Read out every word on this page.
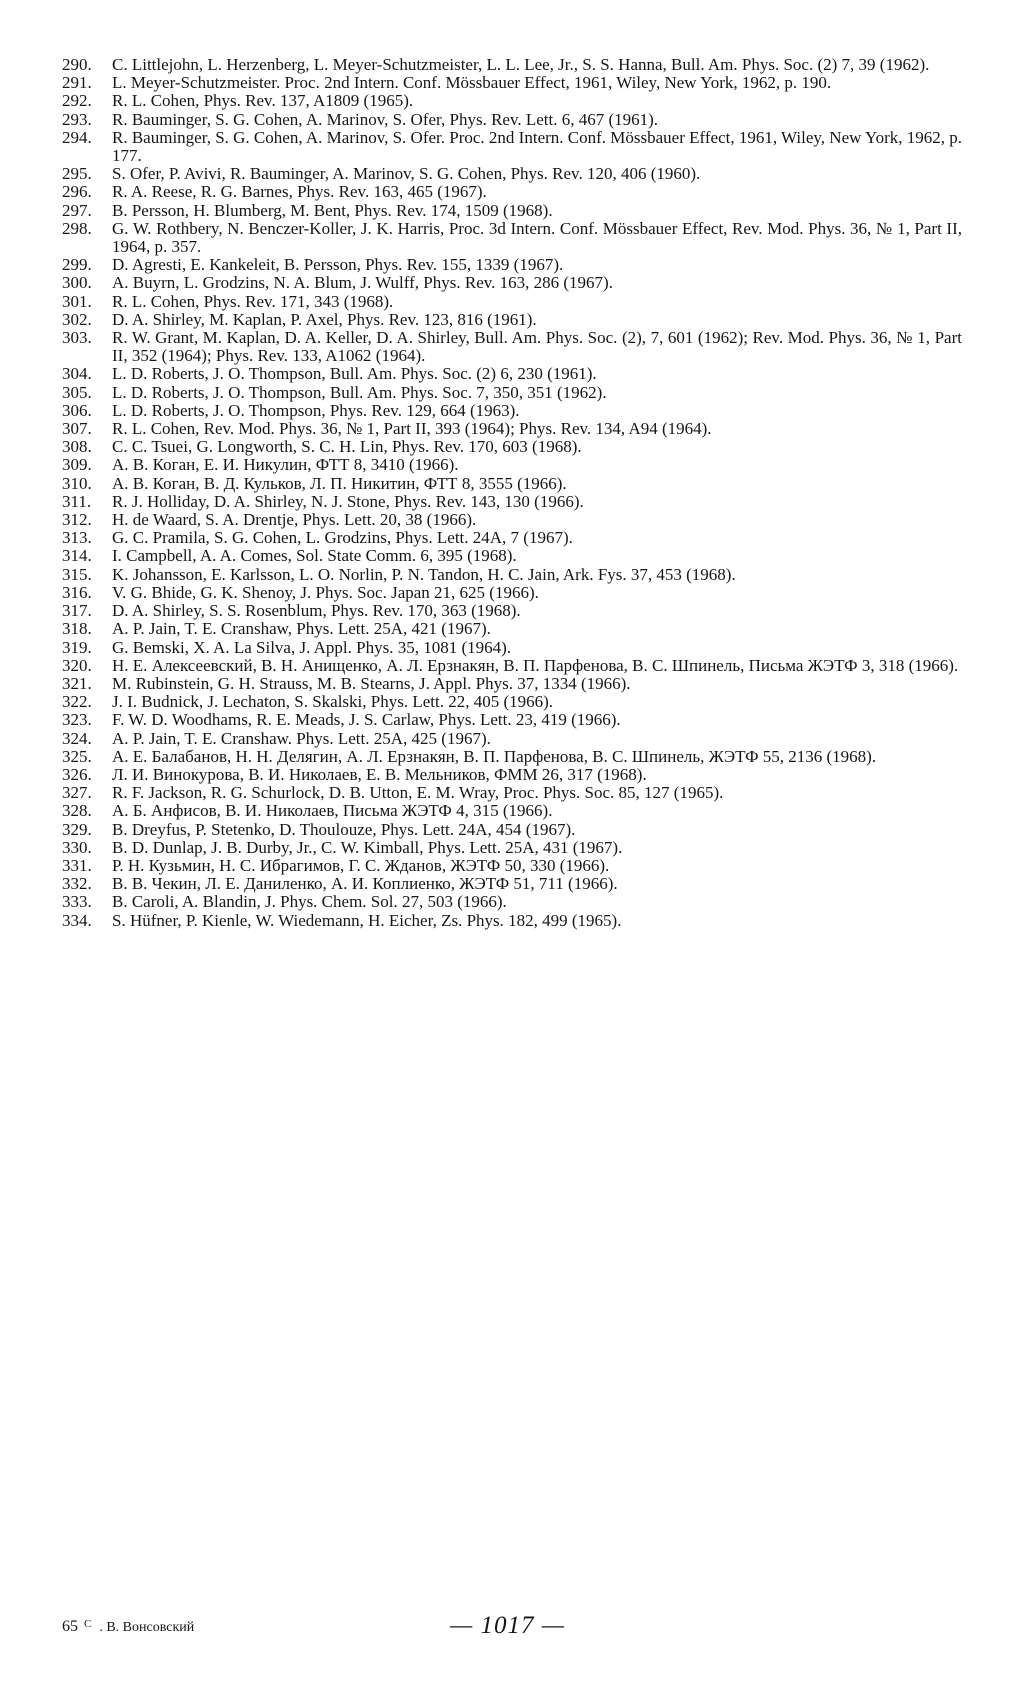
290.	C. Littlejohn, L. Herzenberg, L. Meyer-Schutzmeister, L. L. Lee, Jr., S. S. Hanna, Bull. Am. Phys. Soc. (2) 7, 39 (1962).
291.	L. Meyer-Schutzmeister. Proc. 2nd Intern. Conf. Mössbauer Effect, 1961, Wiley, New York, 1962, p. 190.
292.	R. L. Cohen, Phys. Rev. 137, A1809 (1965).
293.	R. Bauminger, S. G. Cohen, A. Marinov, S. Ofer, Phys. Rev. Lett. 6, 467 (1961).
294.	R. Bauminger, S. G. Cohen, A. Marinov, S. Ofer. Proc. 2nd Intern. Conf. Mössbauer Effect, 1961, Wiley, New York, 1962, p. 177.
295.	S. Ofer, P. Avivi, R. Bauminger, A. Marinov, S. G. Cohen, Phys. Rev. 120, 406 (1960).
296.	R. A. Reese, R. G. Barnes, Phys. Rev. 163, 465 (1967).
297.	B. Persson, H. Blumberg, M. Bent, Phys. Rev. 174, 1509 (1968).
298.	G. W. Rothbery, N. Benczer-Koller, J. K. Harris, Proc. 3d Intern. Conf. Mössbauer Effect, Rev. Mod. Phys. 36, № 1, Part II, 1964, p. 357.
299.	D. Agresti, E. Kankeleit, B. Persson, Phys. Rev. 155, 1339 (1967).
300.	A. Buyrn, L. Grodzins, N. A. Blum, J. Wulff, Phys. Rev. 163, 286 (1967).
301.	R. L. Cohen, Phys. Rev. 171, 343 (1968).
302.	D. A. Shirley, M. Kaplan, P. Axel, Phys. Rev. 123, 816 (1961).
303.	R. W. Grant, M. Kaplan, D. A. Keller, D. A. Shirley, Bull. Am. Phys. Soc. (2), 7, 601 (1962); Rev. Mod. Phys. 36, № 1, Part II, 352 (1964); Phys. Rev. 133, A1062 (1964).
304.	L. D. Roberts, J. O. Thompson, Bull. Am. Phys. Soc. (2) 6, 230 (1961).
305.	L. D. Roberts, J. O. Thompson, Bull. Am. Phys. Soc. 7, 350, 351 (1962).
306.	L. D. Roberts, J. O. Thompson, Phys. Rev. 129, 664 (1963).
307.	R. L. Cohen, Rev. Mod. Phys. 36, № 1, Part II, 393 (1964); Phys. Rev. 134, A94 (1964).
308.	C. C. Tsuei, G. Longworth, S. C. H. Lin, Phys. Rev. 170, 603 (1968).
309.	А. В. Коган, Е. И. Никулин, ФТТ 8, 3410 (1966).
310.	А. В. Коган, В. Д. Кульков, Л. П. Никитин, ФТТ 8, 3555 (1966).
311.	R. J. Holliday, D. A. Shirley, N. J. Stone, Phys. Rev. 143, 130 (1966).
312.	H. de Waard, S. A. Drentje, Phys. Lett. 20, 38 (1966).
313.	G. C. Pramila, S. G. Cohen, L. Grodzins, Phys. Lett. 24A, 7 (1967).
314.	I. Campbell, A. A. Comes, Sol. State Comm. 6, 395 (1968).
315.	K. Johansson, E. Karlsson, L. O. Norlin, P. N. Tandon, H. C. Jain, Ark. Fys. 37, 453 (1968).
316.	V. G. Bhide, G. K. Shenoy, J. Phys. Soc. Japan 21, 625 (1966).
317.	D. A. Shirley, S. S. Rosenblum, Phys. Rev. 170, 363 (1968).
318.	A. P. Jain, T. E. Cranshaw, Phys. Lett. 25A, 421 (1967).
319.	G. Bemski, X. A. La Silva, J. Appl. Phys. 35, 1081 (1964).
320.	Н. Е. Алексеевский, В. Н. Анищенко, А. Л. Ерзнакян, В. П. Парфенова, В. С. Шпинель, Письма ЖЭТФ 3, 318 (1966).
321.	M. Rubinstein, G. H. Strauss, M. B. Stearns, J. Appl. Phys. 37, 1334 (1966).
322.	J. I. Budnick, J. Lechaton, S. Skalski, Phys. Lett. 22, 405 (1966).
323.	F. W. D. Woodhams, R. E. Meads, J. S. Carlaw, Phys. Lett. 23, 419 (1966).
324.	A. P. Jain, T. E. Cranshaw. Phys. Lett. 25A, 425 (1967).
325.	А. Е. Балабанов, Н. Н. Делягин, А. Л. Ерзнакян, В. П. Парфенова, В. С. Шпинель, ЖЭТФ 55, 2136 (1968).
326.	Л. И. Винокурова, В. И. Николаев, Е. В. Мельников, ФММ 26, 317 (1968).
327.	R. F. Jackson, R. G. Schurlock, D. B. Utton, E. M. Wray, Proc. Phys. Soc. 85, 127 (1965).
328.	А. Б. Анфисов, В. И. Николаев, Письма ЖЭТФ 4, 315 (1966).
329.	B. Dreyfus, P. Stetenko, D. Thoulouze, Phys. Lett. 24A, 454 (1967).
330.	B. D. Dunlap, J. B. Durby, Jr., C. W. Kimball, Phys. Lett. 25A, 431 (1967).
331.	Р. Н. Кузьмин, Н. С. Ибрагимов, Г. С. Жданов, ЖЭТФ 50, 330 (1966).
332.	В. В. Чекин, Л. Е. Даниленко, А. И. Коплиенко, ЖЭТФ 51, 711 (1966).
333.	B. Caroli, A. Blandin, J. Phys. Chem. Sol. 27, 503 (1966).
334.	S. Hüfner, P. Kienle, W. Wiedemann, H. Eicher, Zs. Phys. 182, 499 (1965).
65 $^С$ . В. Вонсовский	— 1017 —
